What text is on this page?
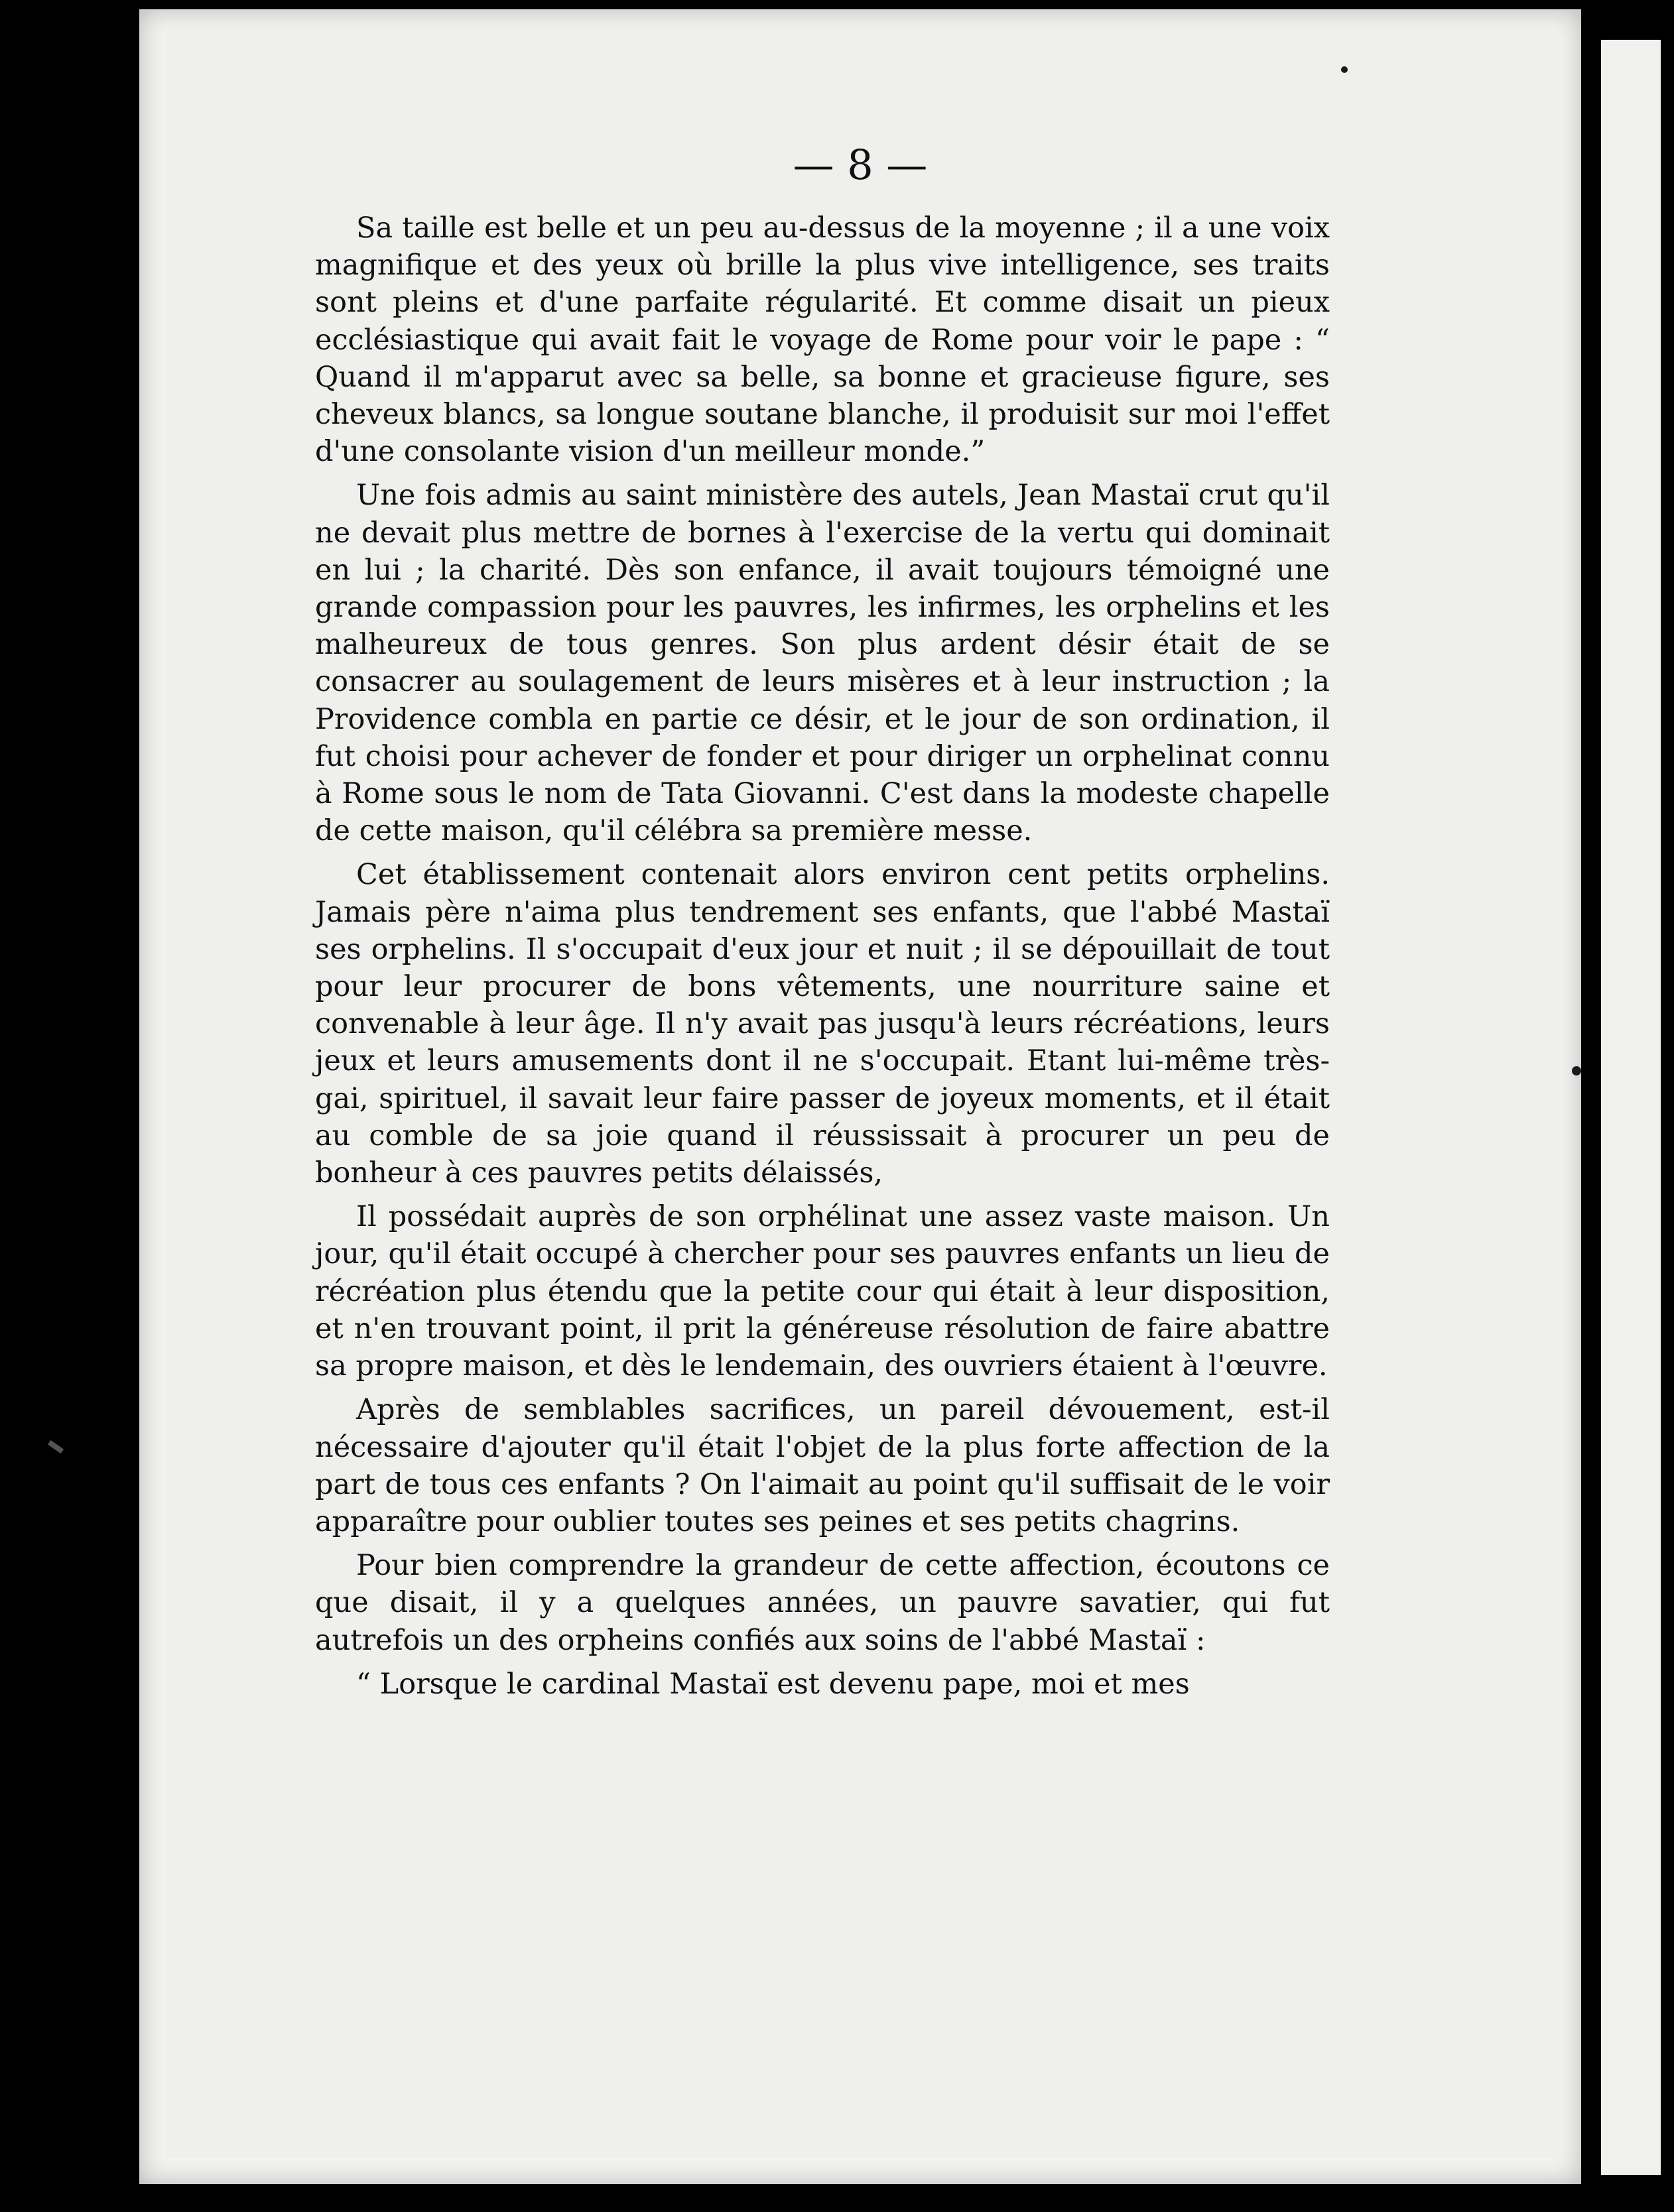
— 8 —

Sa taille est belle et un peu au-dessus de la moyenne ; il a une voix magnifique et des yeux où brille la plus vive intelligence, ses traits sont pleins et d'une parfaite régularité. Et comme disait un pieux ecclésiastique qui avait fait le voyage de Rome pour voir le pape : “ Quand il m'apparut avec sa belle, sa bonne et gracieuse figure, ses cheveux blancs, sa longue soutane blanche, il produisit sur moi l'effet d'une consolante vision d'un meilleur monde.”

Une fois admis au saint ministère des autels, Jean Mastaï crut qu'il ne devait plus mettre de bornes à l'exercise de la vertu qui dominait en lui ; la charité. Dès son enfance, il avait toujours témoigné une grande compassion pour les pauvres, les infirmes, les orphelins et les malheureux de tous genres. Son plus ardent désir était de se consacrer au soulagement de leurs misères et à leur instruction ; la Providence combla en partie ce désir, et le jour de son ordination, il fut choisi pour achever de fonder et pour diriger un orphelinat connu à Rome sous le nom de Tata Giovanni. C'est dans la modeste chapelle de cette maison, qu'il célébra sa première messe.

Cet établissement contenait alors environ cent petits orphelins. Jamais père n'aima plus tendrement ses enfants, que l'abbé Mastaï ses orphelins. Il s'occupait d'eux jour et nuit ; il se dépouillait de tout pour leur procurer de bons vêtements, une nourriture saine et convenable à leur âge. Il n'y avait pas jusqu'à leurs récréations, leurs jeux et leurs amusements dont il ne s'occupait. Etant lui-même très-gai, spirituel, il savait leur faire passer de joyeux moments, et il était au comble de sa joie quand il réussissait à procurer un peu de bonheur à ces pauvres petits délaissés,

Il possédait auprès de son orphélinat une assez vaste maison. Un jour, qu'il était occupé à chercher pour ses pauvres enfants un lieu de récréation plus étendu que la petite cour qui était à leur disposition, et n'en trouvant point, il prit la généreuse résolution de faire abattre sa propre maison, et dès le lendemain, des ouvriers étaient à l'œuvre.

Après de semblables sacrifices, un pareil dévouement, est-il nécessaire d'ajouter qu'il était l'objet de la plus forte affection de la part de tous ces enfants ? On l'aimait au point qu'il suffisait de le voir apparaître pour oublier toutes ses peines et ses petits chagrins.

Pour bien comprendre la grandeur de cette affection, écoutons ce que disait, il y a quelques années, un pauvre savatier, qui fut autrefois un des orpheins confiés aux soins de l'abbé Mastaï :

“ Lorsque le cardinal Mastaï est devenu pape, moi et mes
